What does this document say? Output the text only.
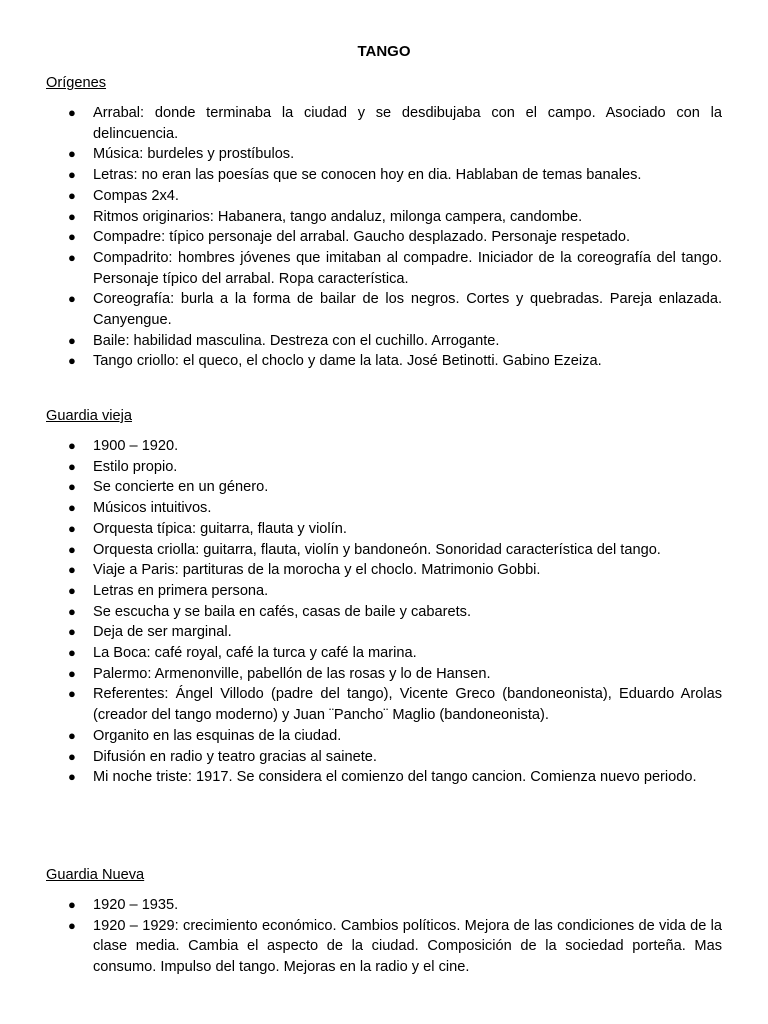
TANGO
Orígenes
● Arrabal: donde terminaba la ciudad y se desdibujaba con el campo. Asociado con la delincuencia.
● Música: burdeles y prostíbulos.
● Letras: no eran las poesías que se conocen hoy en dia. Hablaban de temas banales.
● Compas 2x4.
● Ritmos originarios: Habanera, tango andaluz, milonga campera, candombe.
● Compadre: típico personaje del arrabal. Gaucho desplazado. Personaje respetado.
● Compadrito: hombres jóvenes que imitaban al compadre. Iniciador de la coreografía del tango. Personaje típico del arrabal. Ropa característica.
● Coreografía: burla a la forma de bailar de los negros. Cortes y quebradas. Pareja enlazada. Canyengue.
● Baile: habilidad masculina. Destreza con el cuchillo. Arrogante.
● Tango criollo: el queco, el choclo y dame la lata. José Betinotti. Gabino Ezeiza.
Guardia vieja
● 1900 – 1920.
● Estilo propio.
● Se concierte en un género.
● Músicos intuitivos.
● Orquesta típica: guitarra, flauta y violín.
● Orquesta criolla: guitarra, flauta, violín y bandoneón. Sonoridad característica del tango.
● Viaje a Paris: partituras de la morocha y el choclo. Matrimonio Gobbi.
● Letras en primera persona.
● Se escucha y se baila en cafés, casas de baile y cabarets.
● Deja de ser marginal.
● La Boca: café royal, café la turca y café la marina.
● Palermo: Armenonville, pabellón de las rosas y lo de Hansen.
● Referentes: Ángel Villodo (padre del tango), Vicente Greco (bandoneonista), Eduardo Arolas (creador del tango moderno) y Juan ¨Pancho¨ Maglio (bandoneonista).
● Organito en las esquinas de la ciudad.
● Difusión en radio y teatro gracias al sainete.
● Mi noche triste: 1917. Se considera el comienzo del tango cancion. Comienza nuevo periodo.
Guardia Nueva
● 1920 – 1935.
● 1920 – 1929: crecimiento económico. Cambios políticos. Mejora de las condiciones de vida de la clase media. Cambia el aspecto de la ciudad. Composición de la sociedad porteña. Mas consumo. Impulso del tango. Mejoras en la radio y el cine.
